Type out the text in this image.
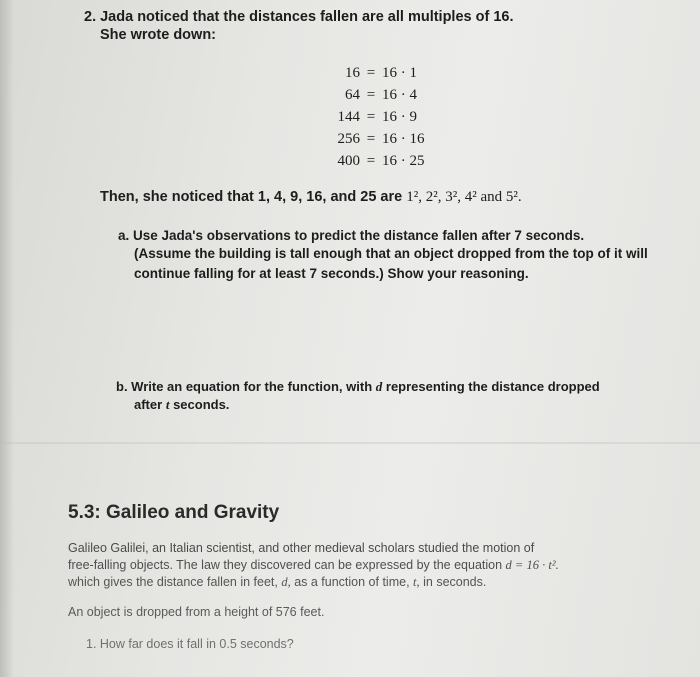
2. Jada noticed that the distances fallen are all multiples of 16.
She wrote down:
16 = 16 · 1
64 = 16 · 4
144 = 16 · 9
256 = 16 · 16
400 = 16 · 25
Then, she noticed that 1, 4, 9, 16, and 25 are 1², 2², 3², 4² and 5².
a. Use Jada's observations to predict the distance fallen after 7 seconds.
(Assume the building is tall enough that an object dropped from the top of it will
continue falling for at least 7 seconds.) Show your reasoning.
b. Write an equation for the function, with d representing the distance dropped
after t seconds.
5.3: Galileo and Gravity
Galileo Galilei, an Italian scientist, and other medieval scholars studied the motion of
free-falling objects. The law they discovered can be expressed by the equation d = 16 · t².
which gives the distance fallen in feet, d, as a function of time, t, in seconds.
An object is dropped from a height of 576 feet.
1. How far does it fall in 0.5 seconds?
